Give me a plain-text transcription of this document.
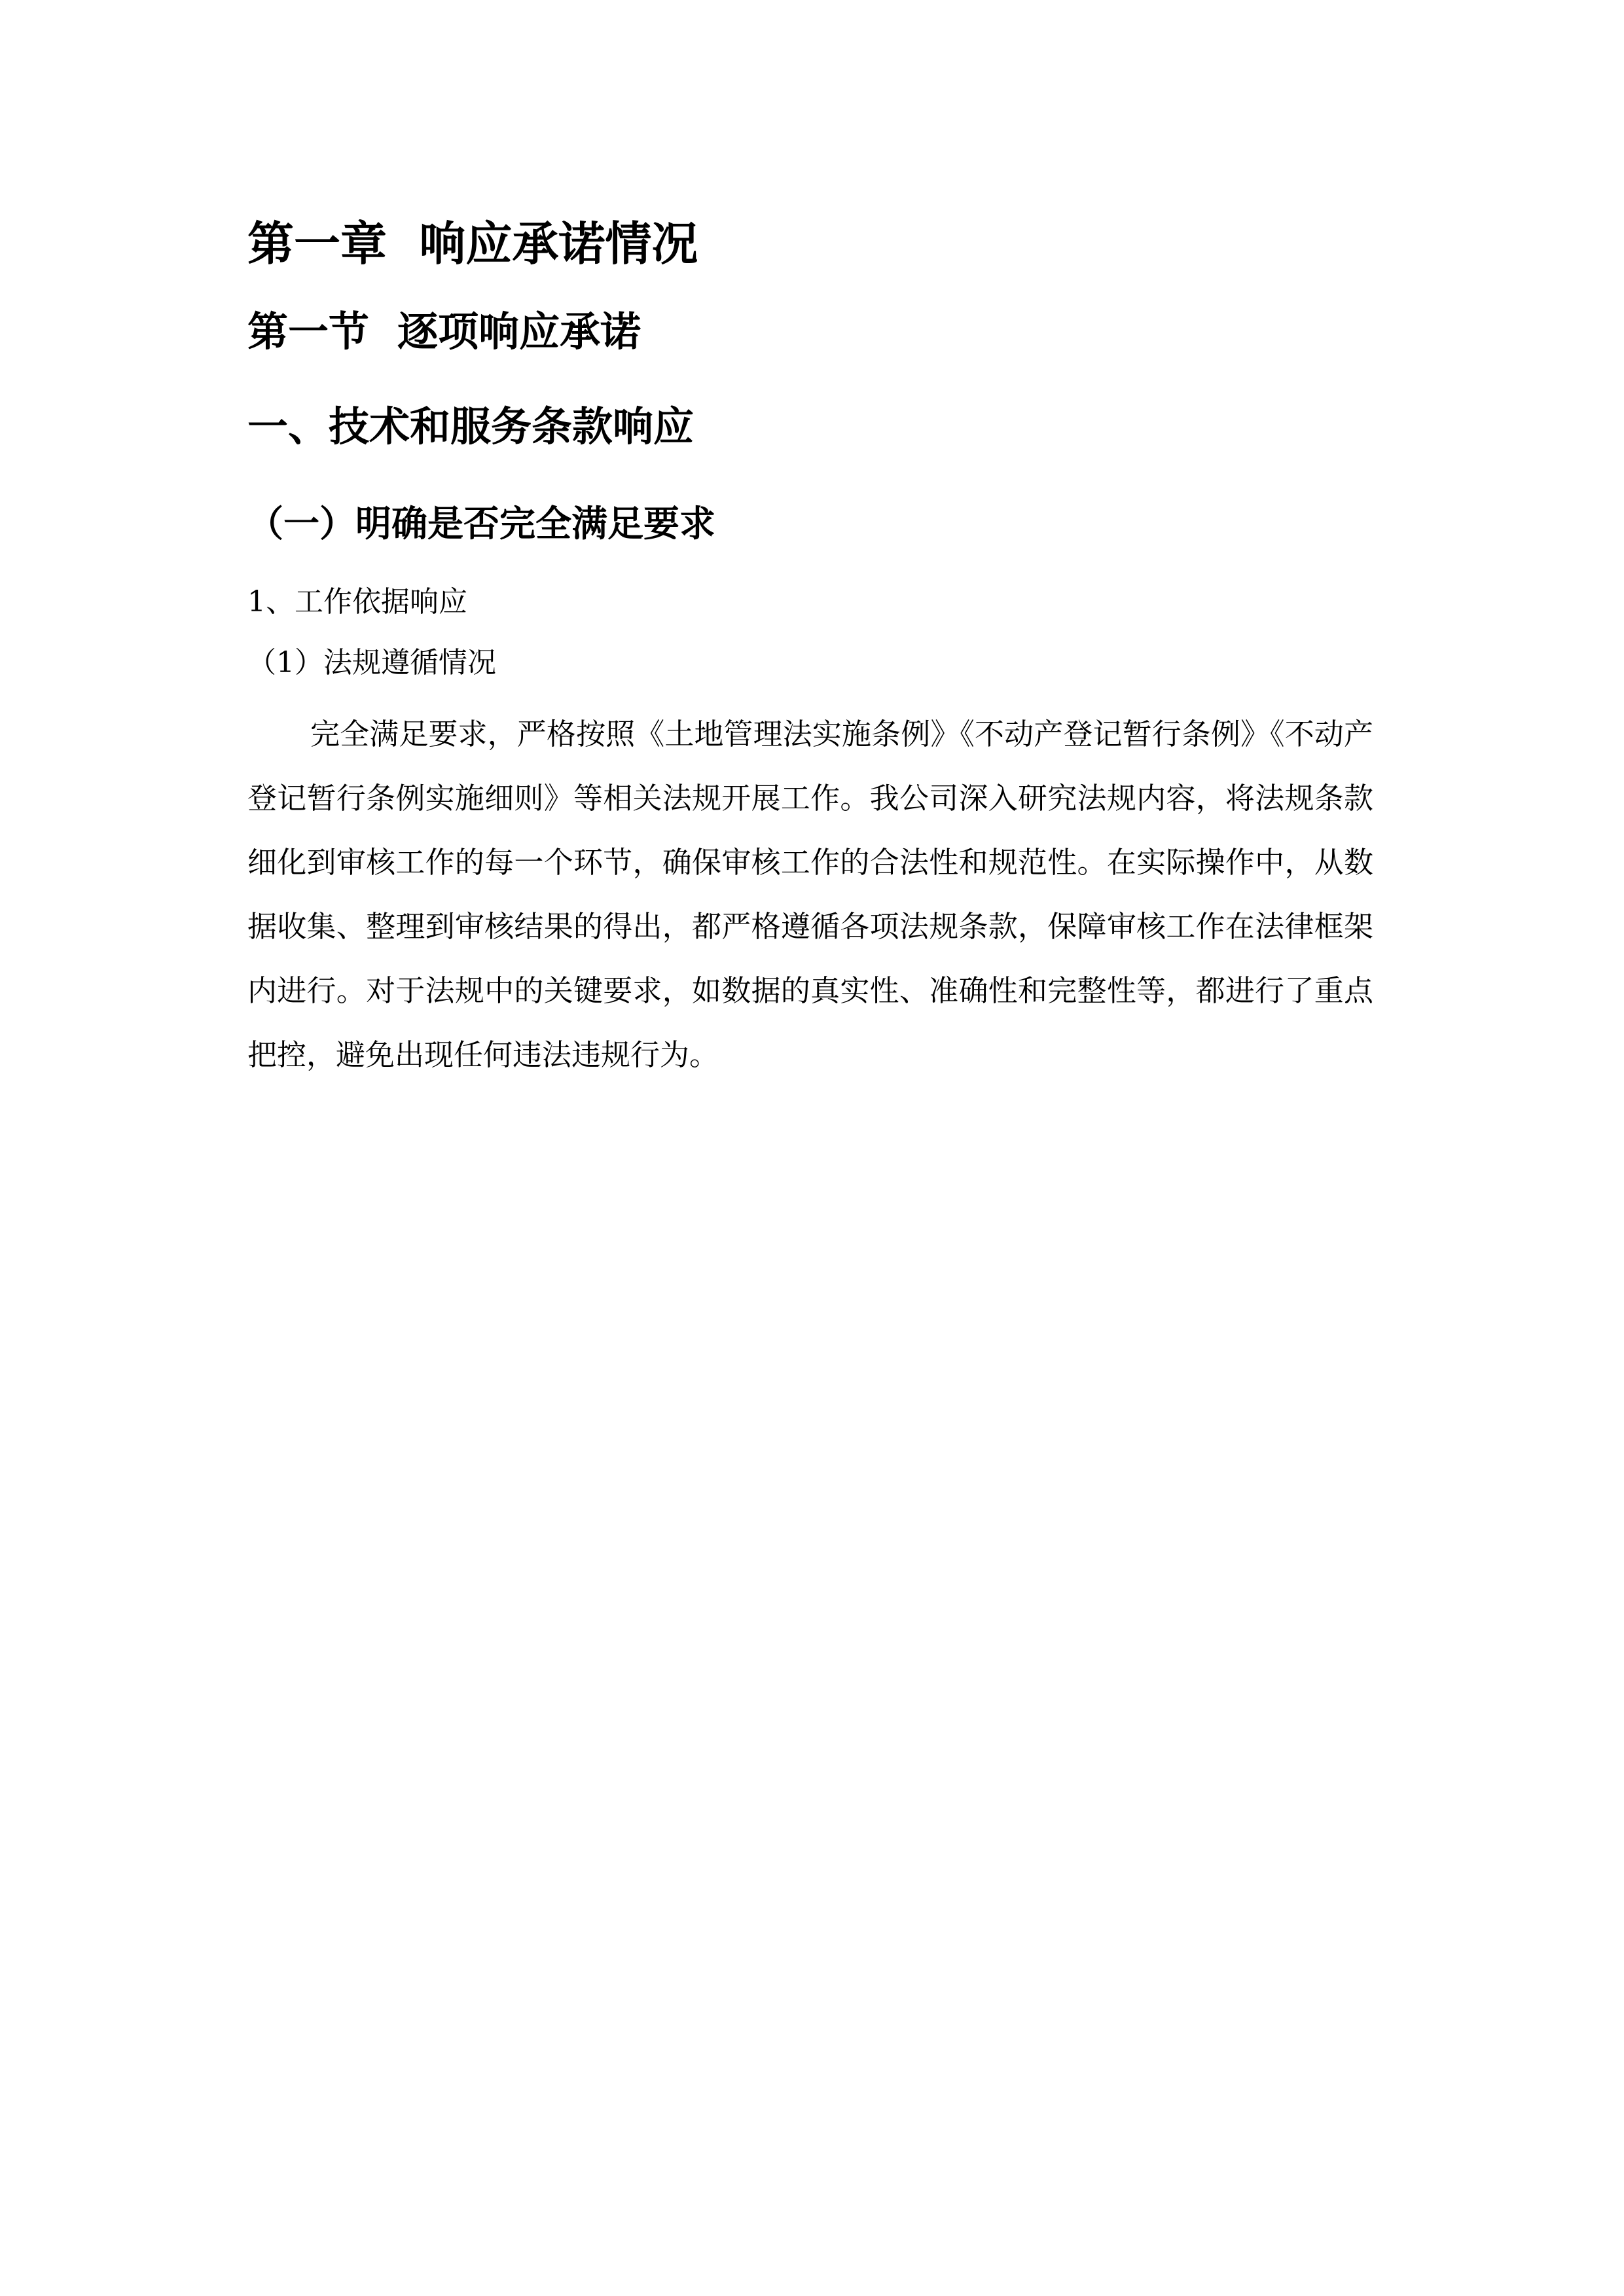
第一章  响应承诺情况
第一节  逐项响应承诺
一、技术和服务条款响应
（一）明确是否完全满足要求

1、工作依据响应

（1）法规遵循情况

完全满足要求，严格按照《土地管理法实施条例》《不动产登记暂行条例》《不动产登记暂行条例实施细则》等相关法规开展工作。我公司深入研究法规内容，将法规条款细化到审核工作的每一个环节，确保审核工作的合法性和规范性。在实际操作中，从数据收集、整理到审核结果的得出，都严格遵循各项法规条款，保障审核工作在法律框架内进行。对于法规中的关键要求，如数据的真实性、准确性和完整性等，都进行了重点把控，避免出现任何违法违规行为。
